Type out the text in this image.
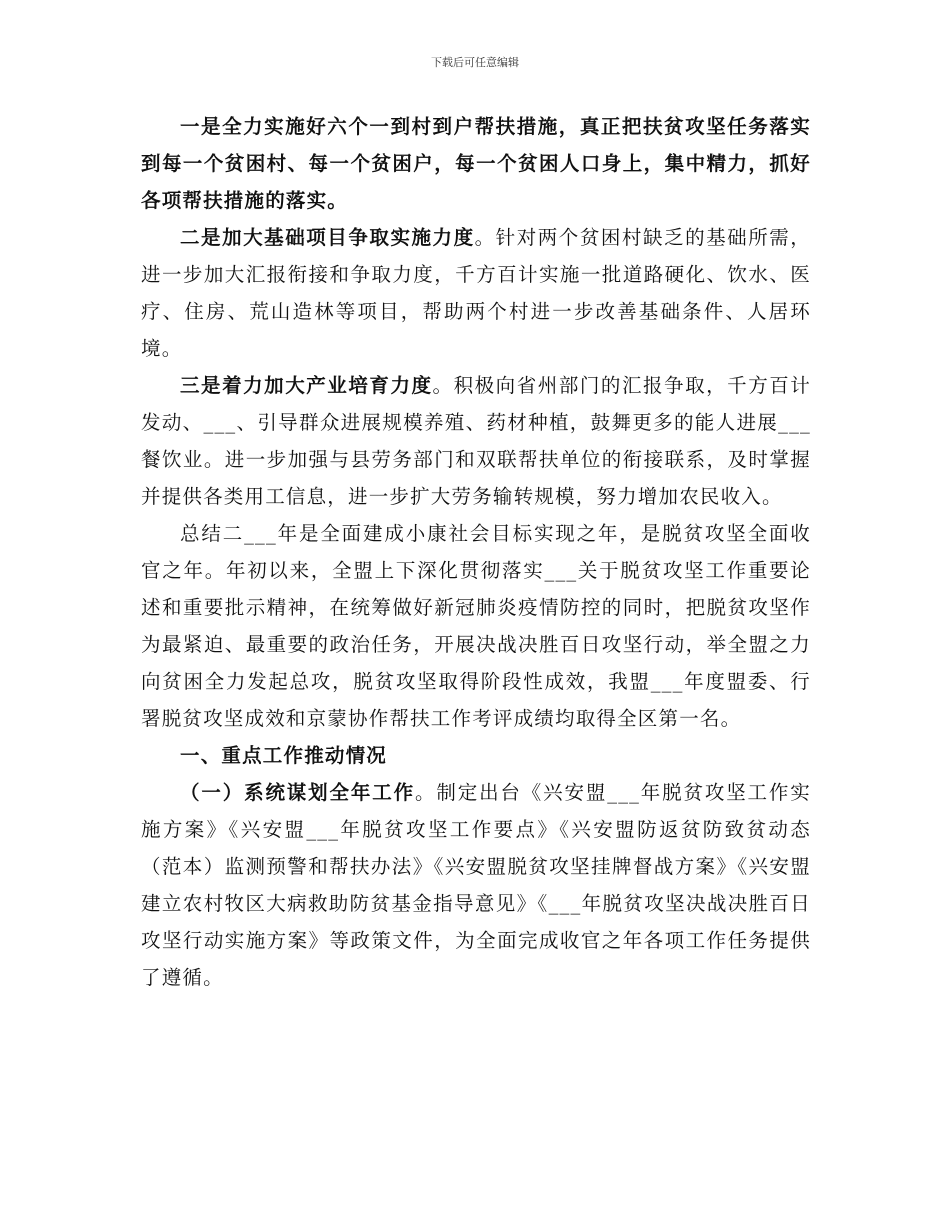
下载后可任意编辑

一是全力实施好六个一到村到户帮扶措施，真正把扶贫攻坚任务落实到每一个贫困村、每一个贫困户，每一个贫困人口身上，集中精力，抓好各项帮扶措施的落实。

二是加大基础项目争取实施力度。针对两个贫困村缺乏的基础所需，进一步加大汇报衔接和争取力度，千方百计实施一批道路硬化、饮水、医疗、住房、荒山造林等项目，帮助两个村进一步改善基础条件、人居环境。

三是着力加大产业培育力度。积极向省州部门的汇报争取，千方百计发动、___、引导群众进展规模养殖、药材种植，鼓舞更多的能人进展___餐饮业。进一步加强与县劳务部门和双联帮扶单位的衔接联系，及时掌握并提供各类用工信息，进一步扩大劳务输转规模，努力增加农民收入。

总结二___年是全面建成小康社会目标实现之年，是脱贫攻坚全面收官之年。年初以来，全盟上下深化贯彻落实___关于脱贫攻坚工作重要论述和重要批示精神，在统筹做好新冠肺炎疫情防控的同时，把脱贫攻坚作为最紧迫、最重要的政治任务，开展决战决胜百日攻坚行动，举全盟之力向贫困全力发起总攻，脱贫攻坚取得阶段性成效，我盟___年度盟委、行署脱贫攻坚成效和京蒙协作帮扶工作考评成绩均取得全区第一名。

一、重点工作推动情况

（一）系统谋划全年工作。制定出台《兴安盟___年脱贫攻坚工作实施方案》《兴安盟___年脱贫攻坚工作要点》《兴安盟防返贫防致贫动态（范本）监测预警和帮扶办法》《兴安盟脱贫攻坚挂牌督战方案》《兴安盟建立农村牧区大病救助防贫基金指导意见》《___年脱贫攻坚决战决胜百日攻坚行动实施方案》等政策文件，为全面完成收官之年各项工作任务提供了遵循。
